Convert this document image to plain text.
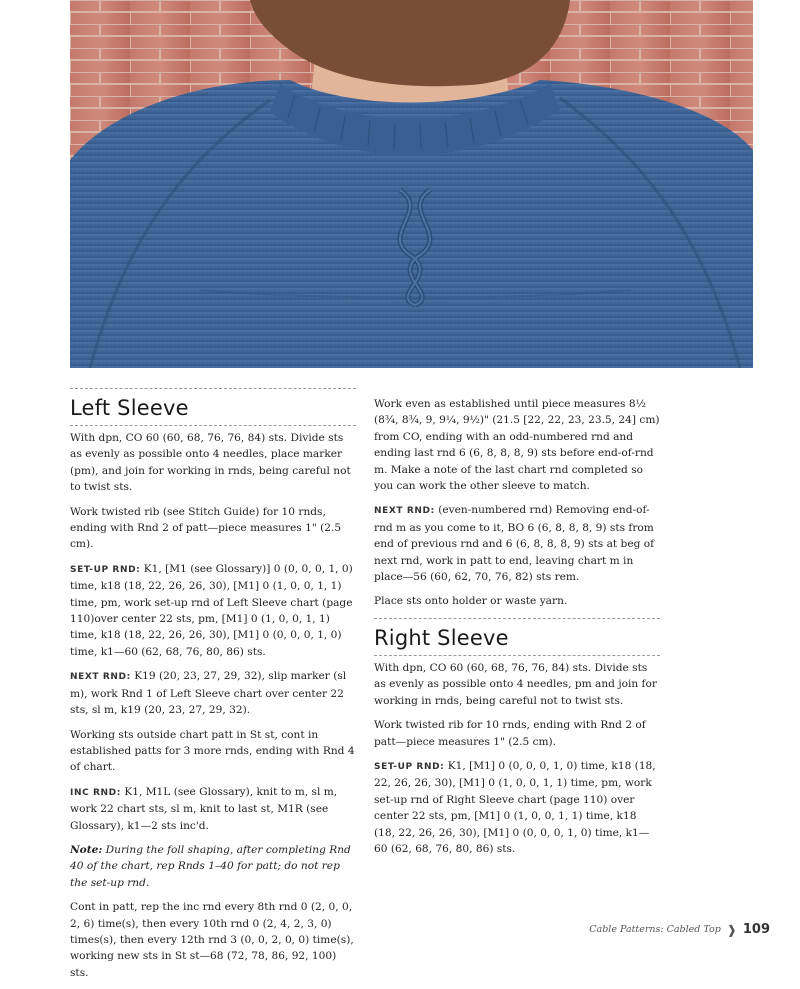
Left Sleeve

With dpn, CO 60 (60, 68, 76, 76, 84) sts. Divide sts as evenly as possible onto 4 needles, place marker (pm), and join for working in rnds, being careful not to twist sts.

Work twisted rib (see Stitch Guide) for 10 rnds, ending with Rnd 2 of patt—piece measures 1" (2.5 cm).

SET-UP RND: K1, [M1 (see Glossary)] 0 (0, 0, 0, 1, 0) time, k18 (18, 22, 26, 26, 30), [M1] 0 (1, 0, 0, 1, 1) time, pm, work set-up rnd of Left Sleeve chart (page 110)over center 22 sts, pm, [M1] 0 (1, 0, 0, 1, 1) time, k18 (18, 22, 26, 26, 30), [M1] 0 (0, 0, 0, 1, 0) time, k1—60 (62, 68, 76, 80, 86) sts.

NEXT RND: K19 (20, 23, 27, 29, 32), slip marker (sl m), work Rnd 1 of Left Sleeve chart over center 22 sts, sl m, k19 (20, 23, 27, 29, 32).

Working sts outside chart patt in St st, cont in established patts for 3 more rnds, ending with Rnd 4 of chart.

INC RND: K1, M1L (see Glossary), knit to m, sl m, work 22 chart sts, sl m, knit to last st, M1R (see Glossary), k1—2 sts inc'd.

Note: During the foll shaping, after completing Rnd 40 of the chart, rep Rnds 1–40 for patt; do not rep the set-up rnd.

Cont in patt, rep the inc rnd every 8th rnd 0 (2, 0, 0, 2, 6) time(s), then every 10th rnd 0 (2, 4, 2, 3, 0) times(s), then every 12th rnd 3 (0, 0, 2, 0, 0) time(s), working new sts in St st—68 (72, 78, 86, 92, 100) sts.

Work even as established until piece measures 8½ (8¾, 8¾, 9, 9¼, 9½)" (21.5 [22, 22, 23, 23.5, 24] cm) from CO, ending with an odd-numbered rnd and ending last rnd 6 (6, 8, 8, 8, 9) sts before end-of-rnd m. Make a note of the last chart rnd completed so you can work the other sleeve to match.

NEXT RND: (even-numbered rnd) Removing end-of-rnd m as you come to it, BO 6 (6, 8, 8, 8, 9) sts from end of previous rnd and 6 (6, 8, 8, 8, 9) sts at beg of next rnd, work in patt to end, leaving chart m in place—56 (60, 62, 70, 76, 82) sts rem.

Place sts onto holder or waste yarn.

Right Sleeve

With dpn, CO 60 (60, 68, 76, 76, 84) sts. Divide sts as evenly as possible onto 4 needles, pm and join for working in rnds, being careful not to twist sts.

Work twisted rib for 10 rnds, ending with Rnd 2 of patt—piece measures 1" (2.5 cm).

SET-UP RND: K1, [M1] 0 (0, 0, 0, 1, 0) time, k18 (18, 22, 26, 26, 30), [M1] 0 (1, 0, 0, 1, 1) time, pm, work set-up rnd of Right Sleeve chart (page 110) over center 22 sts, pm, [M1] 0 (1, 0, 0, 1, 1) time, k18 (18, 22, 26, 26, 30), [M1] 0 (0, 0, 0, 1, 0) time, k1—60 (62, 68, 76, 80, 86) sts.

Cable Patterns: Cabled Top ❱ 109
